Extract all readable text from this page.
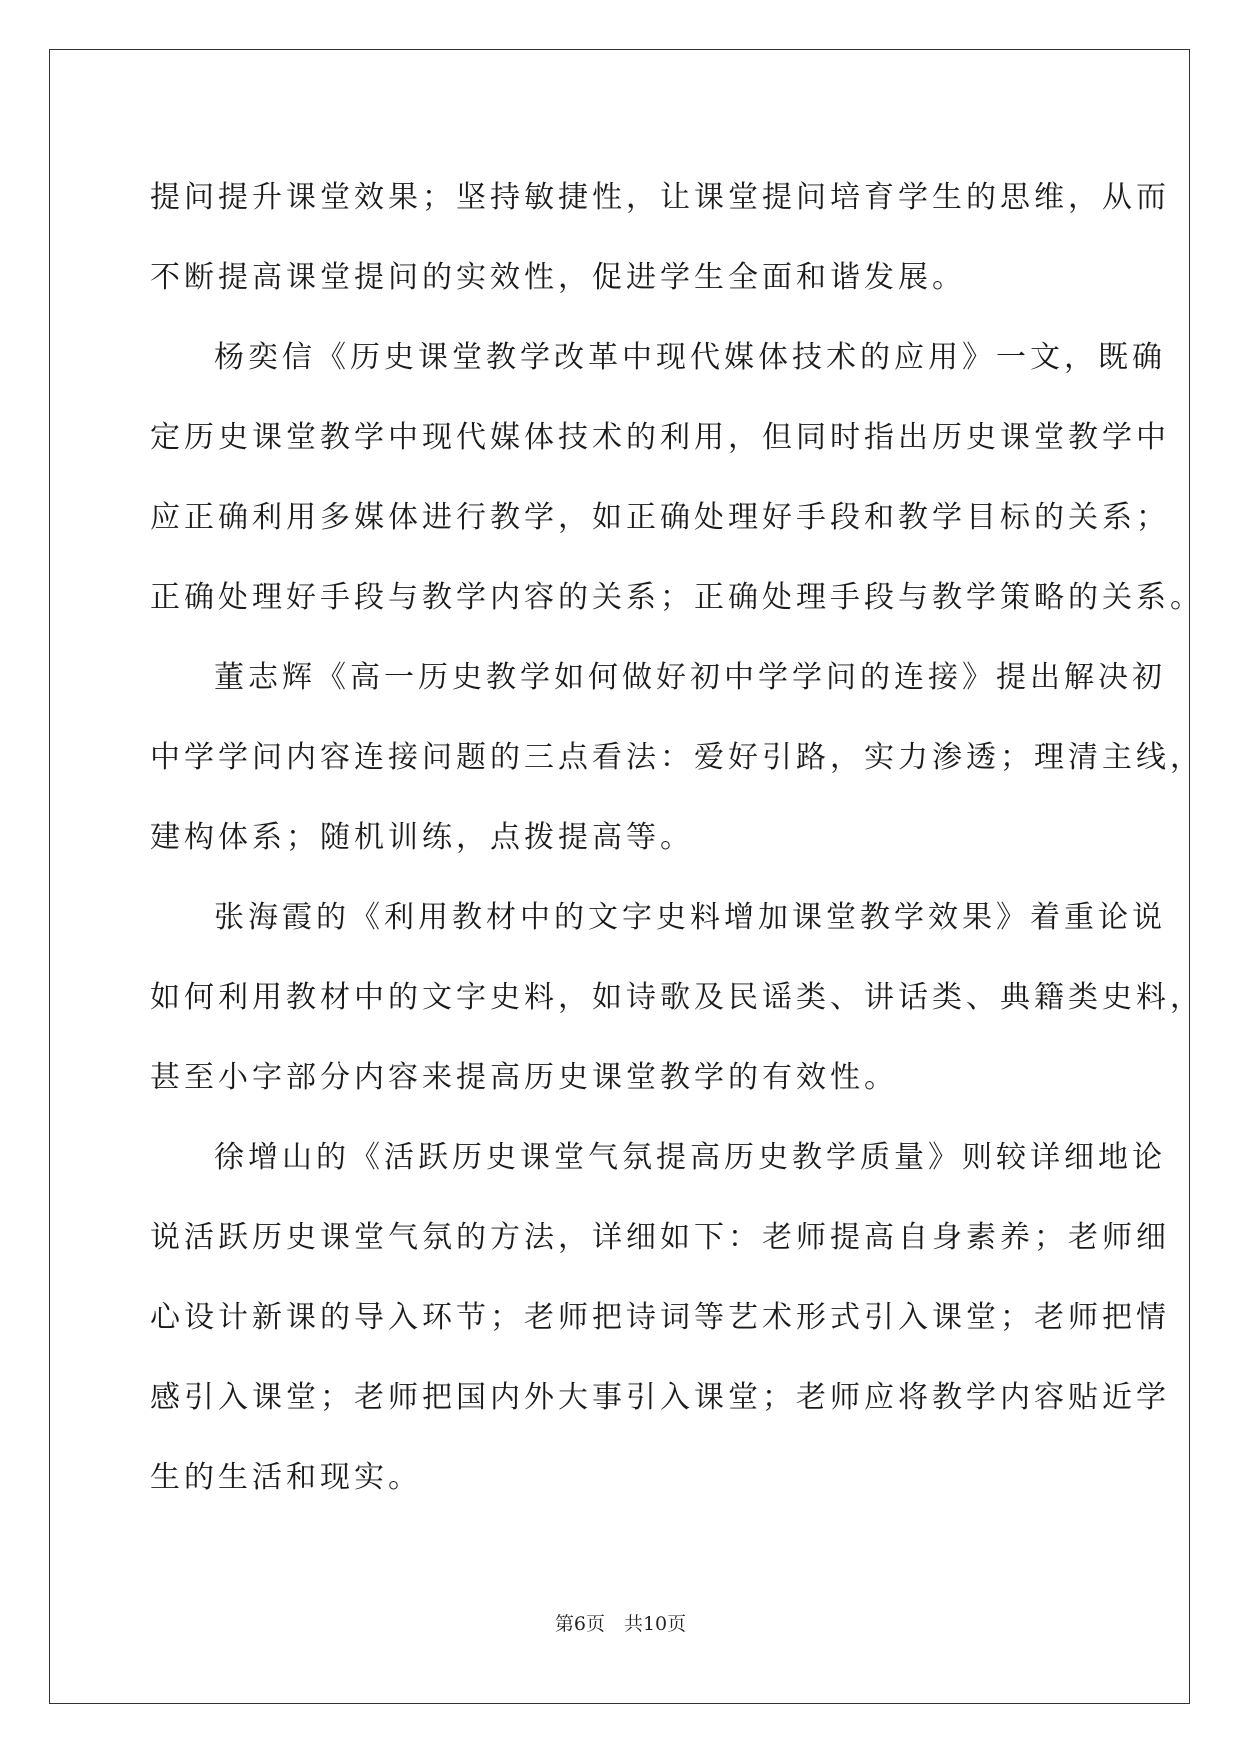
提问提升课堂效果；坚持敏捷性，让课堂提问培育学生的思维，从而
不断提高课堂提问的实效性，促进学生全面和谐发展。
杨奕信《历史课堂教学改革中现代媒体技术的应用》一文，既确
定历史课堂教学中现代媒体技术的利用，但同时指出历史课堂教学中
应正确利用多媒体进行教学，如正确处理好手段和教学目标的关系；
正确处理好手段与教学内容的关系；正确处理手段与教学策略的关系。
董志辉《高一历史教学如何做好初中学学问的连接》提出解决初
中学学问内容连接问题的三点看法：爱好引路，实力渗透；理清主线，
建构体系；随机训练，点拨提高等。
张海霞的《利用教材中的文字史料增加课堂教学效果》着重论说
如何利用教材中的文字史料，如诗歌及民谣类、讲话类、典籍类史料，
甚至小字部分内容来提高历史课堂教学的有效性。
徐增山的《活跃历史课堂气氛提高历史教学质量》则较详细地论
说活跃历史课堂气氛的方法，详细如下：老师提高自身素养；老师细
心设计新课的导入环节；老师把诗词等艺术形式引入课堂；老师把情
感引入课堂；老师把国内外大事引入课堂；老师应将教学内容贴近学
生的生活和现实。
第6页　共10页
